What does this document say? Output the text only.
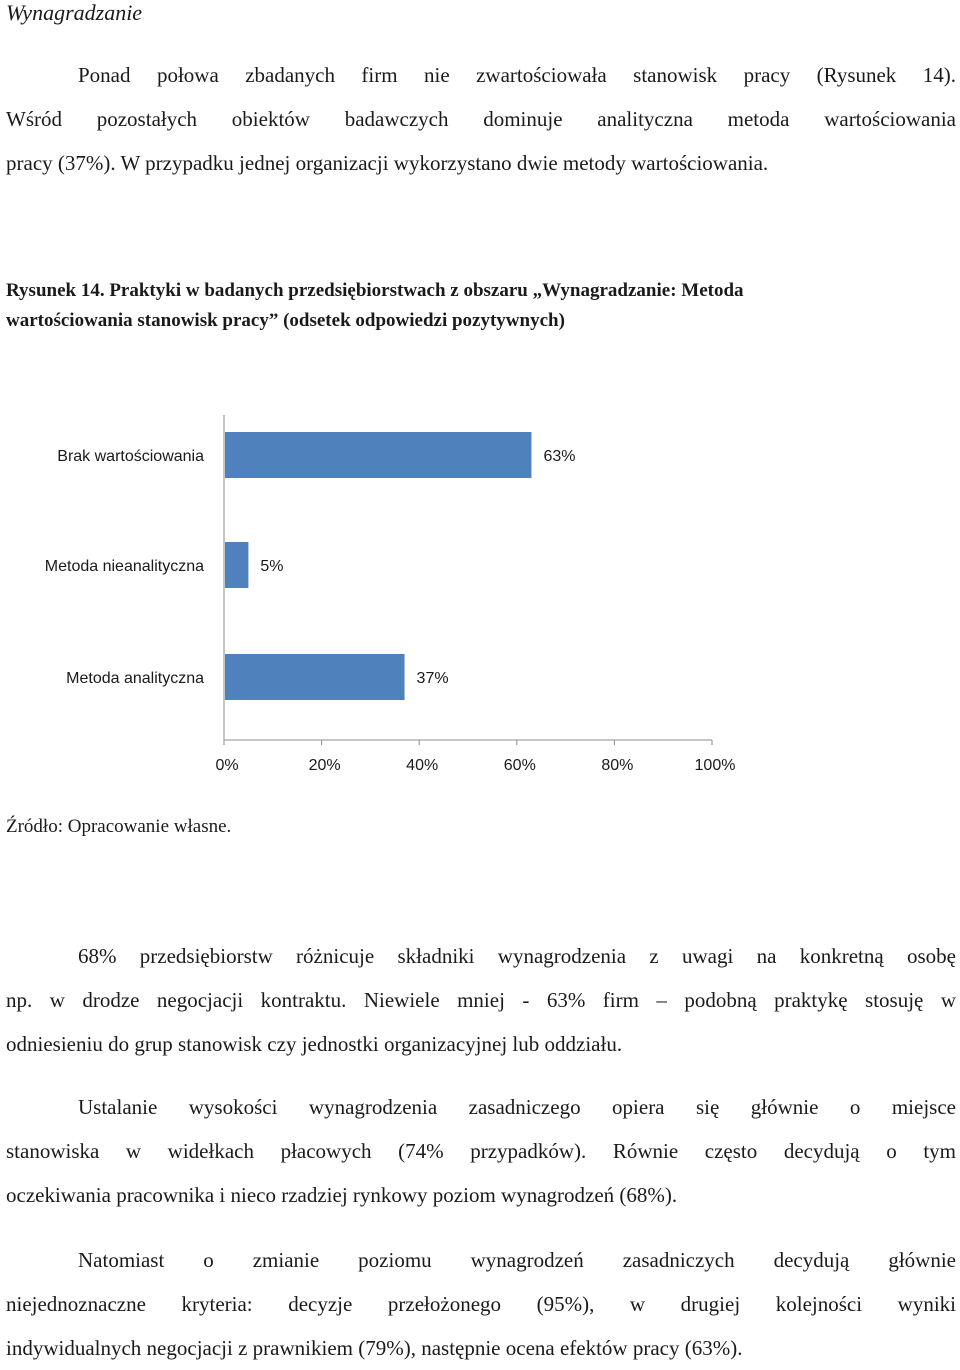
Wynagradzanie
Ponad połowa zbadanych firm nie zwartościowała stanowisk pracy (Rysunek 14).
Wśród pozostałych obiektów badawczych dominuje analityczna metoda wartościowania
pracy (37%). W przypadku jednej organizacji wykorzystano dwie metody wartościowania.
Rysunek 14. Praktyki w badanych przedsiębiorstwach z obszaru „Wynagradzanie: Metoda
wartościowania stanowisk pracy” (odsetek odpowiedzi pozytywnych)
Brak wartościowania	63%
Metoda nieanalityczna	5%
Metoda analityczna	37%
0%	20%	40%	60%	80%	100%
Źródło: Opracowanie własne.
68% przedsiębiorstw różnicuje składniki wynagrodzenia z uwagi na konkretną osobę
np. w drodze negocjacji kontraktu. Niewiele mniej - 63% firm – podobną praktykę stosuję w
odniesieniu do grup stanowisk czy jednostki organizacyjnej lub oddziału.
Ustalanie wysokości wynagrodzenia zasadniczego opiera się głównie o miejsce
stanowiska w widełkach płacowych (74% przypadków). Równie często decydują o tym
oczekiwania pracownika i nieco rzadziej rynkowy poziom wynagrodzeń (68%).
Natomiast o zmianie poziomu wynagrodzeń zasadniczych decydują głównie
niejednoznaczne kryteria: decyzje przełożonego (95%), w drugiej kolejności wyniki
indywidualnych negocjacji z prawnikiem (79%), następnie ocena efektów pracy (63%).
